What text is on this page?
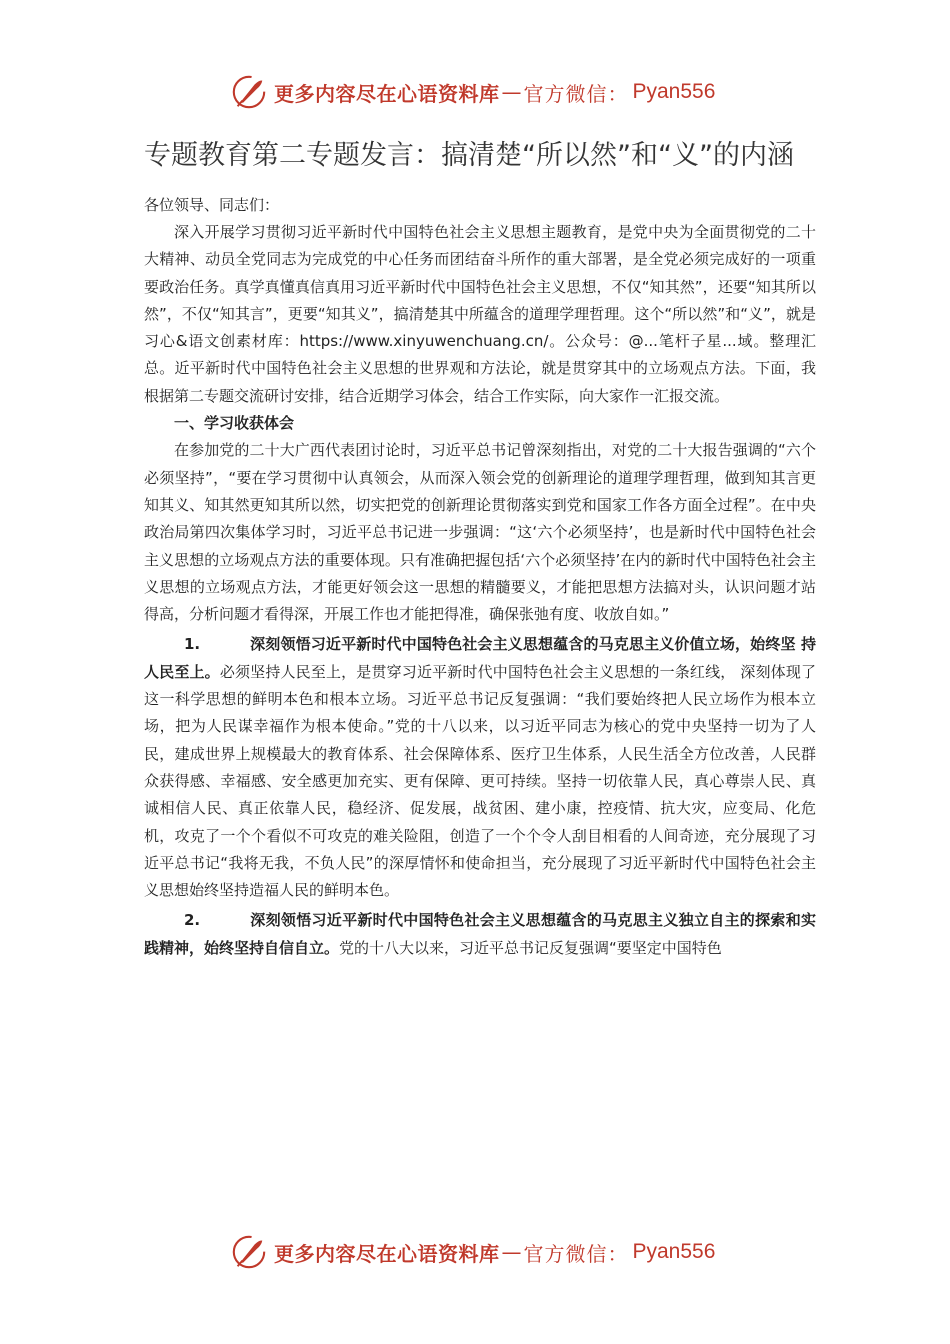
更多内容尽在心语资料库 — 官方微信： Pyan556
专题教育第二专题发言：搞清楚“所以然”和“义”的内涵

各位领导、同志们：

深入开展学习贯彻习近平新时代中国特色社会主义思想主题教育，是党中央为全面贯彻党的二十大精神、动员全党同志为完成党的中心任务而团结奋斗所作的重大部署，是全党必须完成好的一项重要政治任务。真学真懂真信真用习近平新时代中国特色社会主义思想，不仅“知其然”，还要“知其所以然”，不仅“知其言”，更要“知其义”，搞清楚其中所蕴含的道理学理哲理。这个“所以然”和“义”，就是习心&语文创素材库：https://www.xinyuwenchuang.cn/。公众号：@...笔杆子星...域。整理汇总。近平新时代中国特色社会主义思想的世界观和方法论，就是贯穿其中的立场观点方法。下面，我根据第二专题交流研讨安排，结合近期学习体会，结合工作实际，向大家作一汇报交流。

一、学习收获体会

在参加党的二十大广西代表团讨论时，习近平总书记曾深刻指出，对党的二十大报告强调的“六个必须坚持”，“要在学习贯彻中认真领会，从而深入领会党的创新理论的道理学理哲理，做到知其言更知其义、知其然更知其所以然，切实把党的创新理论贯彻落实到党和国家工作各方面全过程”。在中央政治局第四次集体学习时，习近平总书记进一步强调：“这‘六个必须坚持’，也是新时代中国特色社会主义思想的立场观点方法的重要体现。只有准确把握包括‘六个必须坚持’在内的新时代中国特色社会主义思想的立场观点方法，才能更好领会这一思想的精髓要义，才能把思想方法搞对头，认识问题才站得高，分析问题才看得深，开展工作也才能把得准，确保张弛有度、收放自如。”

1.	深刻领悟习近平新时代中国特色社会主义思想蕴含的马克思主义价值立场，始终坚 持人民至上。必须坚持人民至上，是贯穿习近平新时代中国特色社会主义思想的一条红线， 深刻体现了这一科学思想的鲜明本色和根本立场。习近平总书记反复强调：“我们要始终把人民立场作为根本立场，把为人民谋幸福作为根本使命。”党的十八以来，以习近平同志为核心的党中央坚持一切为了人民，建成世界上规模最大的教育体系、社会保障体系、医疗卫生体系，人民生活全方位改善，人民群众获得感、幸福感、安全感更加充实、更有保障、更可持续。坚持一切依靠人民，真心尊崇人民、真诚相信人民、真正依靠人民，稳经济、促发展，战贫困、建小康，控疫情、抗大灾，应变局、化危机，攻克了一个个看似不可攻克的难关险阻，创造了一个个令人刮目相看的人间奇迹，充分展现了习近平总书记“我将无我，不负人民”的深厚情怀和使命担当，充分展现了习近平新时代中国特色社会主义思想始终坚持造福人民的鲜明本色。

2.	深刻领悟习近平新时代中国特色社会主义思想蕴含的马克思主义独立自主的探索和实践精神，始终坚持自信自立。党的十八大以来，习近平总书记反复强调“要坚定中国特色

更多内容尽在心语资料库 — 官方微信： Pyan556
